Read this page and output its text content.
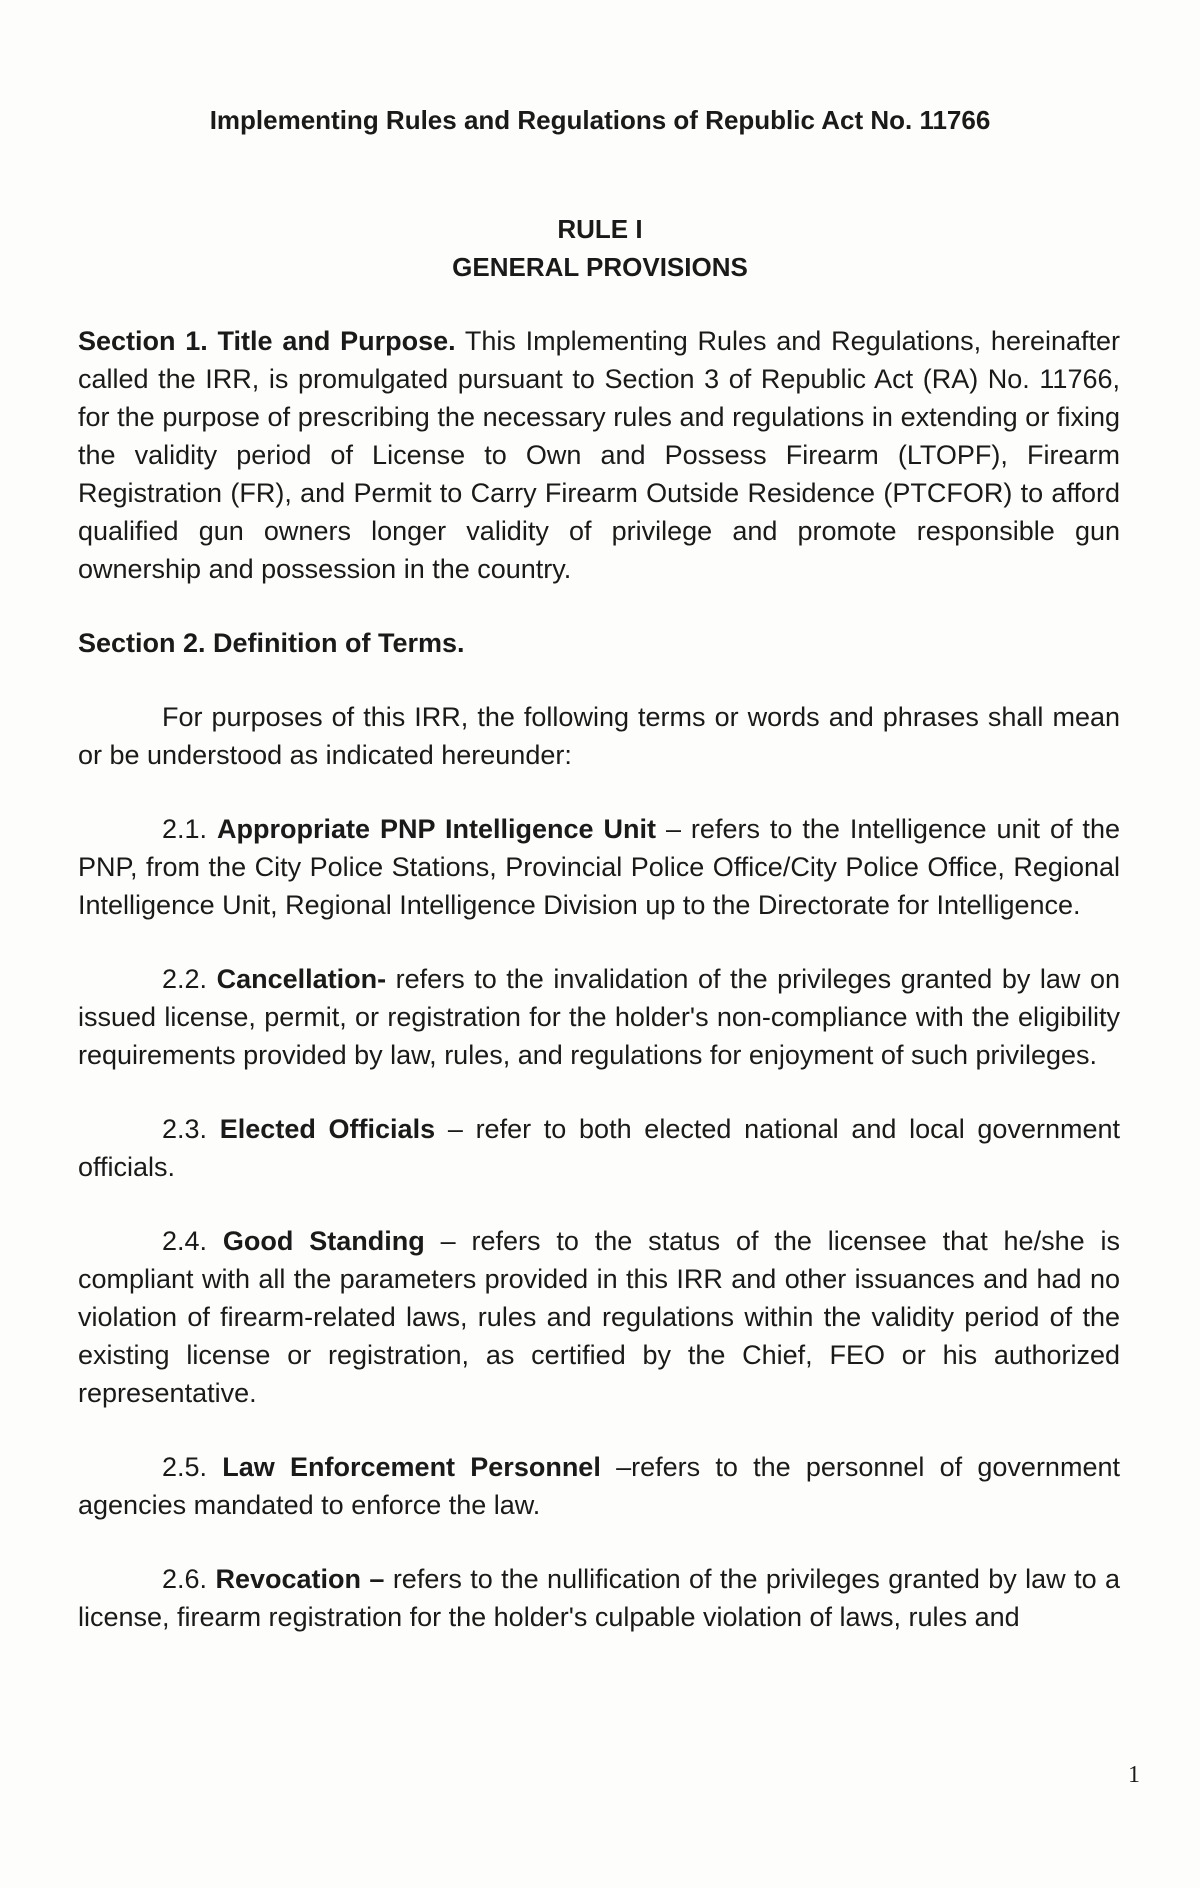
Implementing Rules and Regulations of Republic Act No. 11766
RULE I
GENERAL PROVISIONS

Section 1. Title and Purpose. This Implementing Rules and Regulations, hereinafter called the IRR, is promulgated pursuant to Section 3 of Republic Act (RA) No. 11766, for the purpose of prescribing the necessary rules and regulations in extending or fixing the validity period of License to Own and Possess Firearm (LTOPF), Firearm Registration (FR), and Permit to Carry Firearm Outside Residence (PTCFOR) to afford qualified gun owners longer validity of privilege and promote responsible gun ownership and possession in the country.

Section 2. Definition of Terms.

For purposes of this IRR, the following terms or words and phrases shall mean or be understood as indicated hereunder:

2.1. Appropriate PNP Intelligence Unit – refers to the Intelligence unit of the PNP, from the City Police Stations, Provincial Police Office/City Police Office, Regional Intelligence Unit, Regional Intelligence Division up to the Directorate for Intelligence.

2.2. Cancellation- refers to the invalidation of the privileges granted by law on issued license, permit, or registration for the holder's non-compliance with the eligibility requirements provided by law, rules, and regulations for enjoyment of such privileges.

2.3. Elected Officials – refer to both elected national and local government officials.

2.4. Good Standing – refers to the status of the licensee that he/she is compliant with all the parameters provided in this IRR and other issuances and had no violation of firearm-related laws, rules and regulations within the validity period of the existing license or registration, as certified by the Chief, FEO or his authorized representative.

2.5. Law Enforcement Personnel –refers to the personnel of government agencies mandated to enforce the law.

2.6. Revocation – refers to the nullification of the privileges granted by law to a license, firearm registration for the holder's culpable violation of laws, rules and

1
